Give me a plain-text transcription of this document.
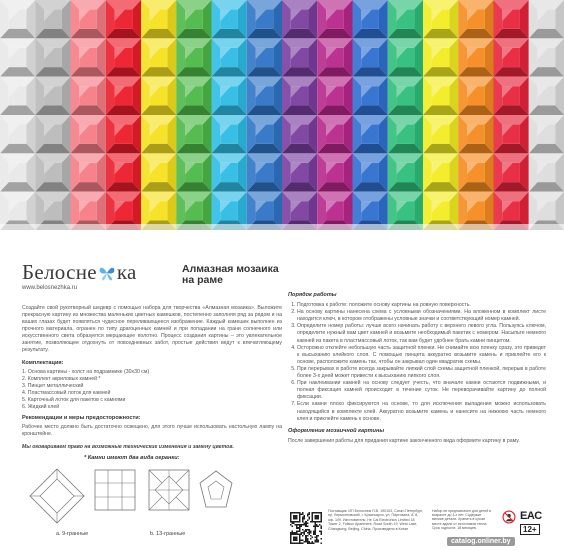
Белосне ка	Алмазная мозаика на раме
www.belosnezhka.ru

Создайте свой рукотворный шедевр с помощью набора для творчества «Алмазная мозаика». Выложите прекрасную картину из множества маленьких цветных камешков, постепенно заполняя ряд за рядом и на ваших глазах будет появляться чудесное переливающееся изображение. Каждый камешек выполнен из прочного материала, огранен по типу драгоценных камней и при попадании на грани солнечного или искусственного света образуется мерцающее полотно. Процесс создания картины – это увлекательное занятие, позволяющее отдохнуть от повседневных забот, простые действия ведут к впечатляющему результату.

Комплектация:
1. Основа картины - холст на подрамнике (30х30 см)
2. Комплект акриловых камней *
3. Пинцет металлический
4. Пластмассовый лоток для камней
5. Карточный лоток для пакетов с камнями
6. Жидкий клей
Рекомендации и меры предосторожности:

Рабочее место должно быть достаточно освещено, для этого лучше использовать настольную лампу на кронштейне.

Мы оговариваем право на возможные технические изменения и замену цветов.
* Камни имеют два вида огранки:
а. 9-гранные	b. 13-гранные
Порядок работы
1. Подготовка к работе: положите основу картины на ровную поверхность.
2. На основу картины нанесена схема с условными обозначениями. На вложенном в комплект листе находится ключ, в котором отображены условные значки и соответствующий номер камней.
3. Определите номер работы: лучше всего начинать работу с верхнего левого угла. Пользуясь ключом, определите нужный вам цвет камней и возьмите необходимый пакетик с номером. Насыпьте немного камней из пакета в пластмассовый лоток, так вам будет удобнее брать камни пинцетом.
4. Осторожно отклейте небольшую часть защитной пленки. Не снимайте всю пленку сразу, это приведет к высыханию клейкого слоя. С помощью пинцета аккуратно возьмите камень и приклейте его к основе, расположите камень так, чтобы он закрывал один квадратик схемы.
5. При перерывах в работе всегда закрывайте липкий слой схемы защитной пленкой, перерыв в работе более 3-х дней может привести к высыханию липкого слоя.
6. При наклеивании камней на основу следует учесть, что вначале камни остаются подвижными, и полная фиксация камней происходит в течение суток. Не переворачивайте картину до полной фиксации.
7. Если камни плохо фиксируются на основе, то для исключения выпадения можно использовать находящийся в комплекте клей. Аккуратно возьмите камень и нанесите на нижнюю часть немного клея и приклейте камень к основе.
Оформление мозаичной картины

После завершения работы для придания картине законченного вида оформите картину в раму.

Поставщик: ИП Белоснеж П.В. 190103, Санкт-Петербург, пр. Лермонтовский, г. Красноярск, ул. Партизана, 8, 8, оф. 109. Изготовитель: He Cai Electronics Limited 18 Tower 2, Fullsun Apartment, Road South 19, West Lake, Changsong, Beijing, China. Произведено в Китае
Набор не предназначен для детей в возрасте до 3-х лет. Содержит мелкие детали. Хранить в сухом месте вдали от источников тепла. Срок годности: 18 месяцев.
EAC
12+
catalog.onliner.by
